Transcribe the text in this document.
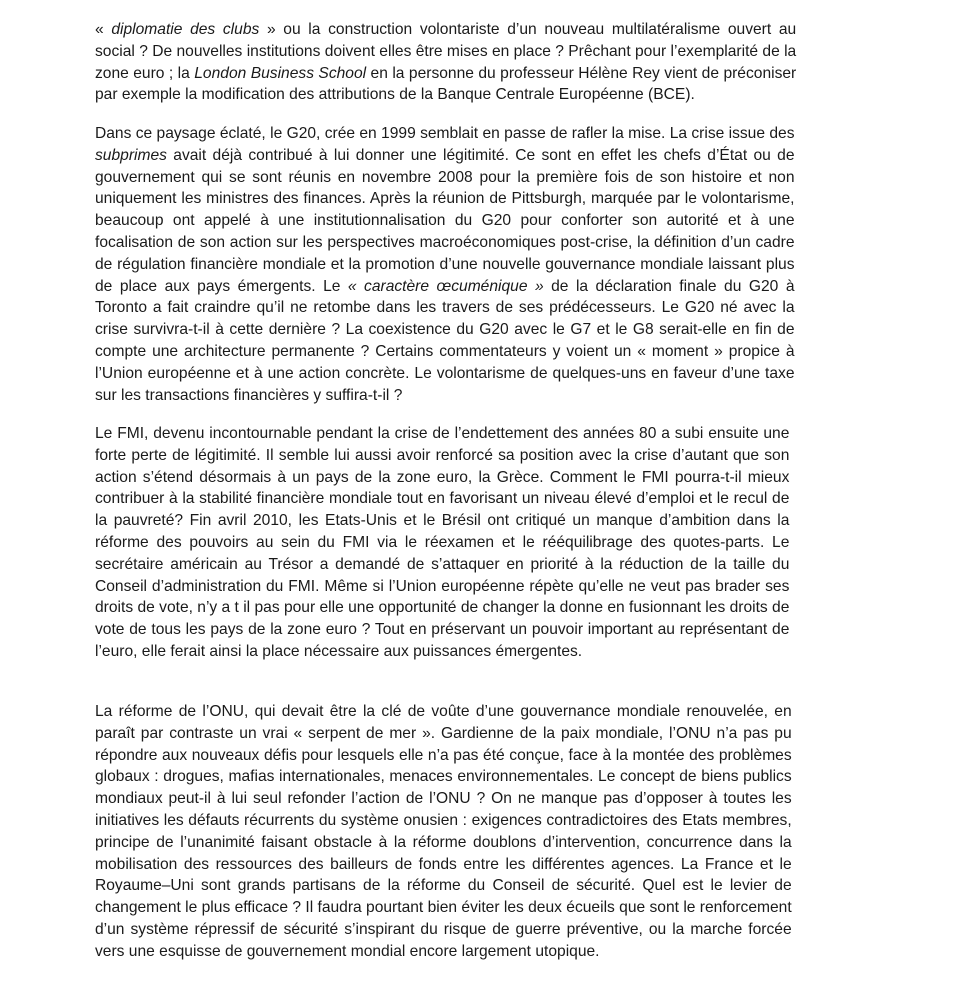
« diplomatie des clubs » ou la construction volontariste d’un nouveau multilatéralisme ouvert au
social ? De nouvelles institutions doivent elles être mises en place ? Prêchant pour l’exemplarité de la
zone euro ; la London Business School en la personne du professeur Hélène Rey vient de préconiser
par exemple la modification des attributions de la Banque Centrale Européenne (BCE).
Dans ce paysage éclaté, le G20, crée en 1999 semblait en passe de rafler la mise. La crise issue des
subprimes avait déjà contribué à lui donner une légitimité. Ce sont en effet les chefs d’État ou de
gouvernement qui se sont réunis en novembre 2008 pour la première fois de son histoire et non
uniquement les ministres des finances. Après la réunion de Pittsburgh, marquée par le volontarisme,
beaucoup ont appelé à une institutionnalisation du G20 pour conforter son autorité et à une
focalisation de son action sur les perspectives macroéconomiques post-crise, la définition d’un cadre
de régulation financière mondiale et la promotion d’une nouvelle gouvernance mondiale laissant plus
de place aux pays émergents. Le « caractère œcuménique » de la déclaration finale du G20 à
Toronto a fait craindre qu’il ne retombe dans les travers de ses prédécesseurs. Le G20 né avec la
crise survivra-t-il à cette dernière ? La coexistence du G20 avec le G7 et le G8 serait-elle en fin de
compte une architecture permanente ? Certains commentateurs y voient un « moment » propice à
l’Union européenne et à une action concrète. Le volontarisme de quelques-uns en faveur d’une taxe
sur les transactions financières y suffira-t-il ?
Le FMI, devenu incontournable pendant la crise de l’endettement des années 80 a subi ensuite une
forte perte de légitimité. Il semble lui aussi avoir renforcé sa position avec la crise d’autant que son
action s’étend désormais à un pays de la zone euro, la Grèce. Comment le FMI pourra-t-il mieux
contribuer à la stabilité financière mondiale tout en favorisant un niveau élevé d’emploi et le recul de
la pauvreté? Fin avril 2010, les Etats-Unis et le Brésil ont critiqué un manque d’ambition dans la
réforme des pouvoirs au sein du FMI via le réexamen et le rééquilibrage des quotes-parts. Le
secrétaire américain au Trésor a demandé de s’attaquer en priorité à la réduction de la taille du
Conseil d’administration du FMI. Même si l’Union européenne répète qu’elle ne veut pas brader ses
droits de vote, n’y a t il pas pour elle une opportunité de changer la donne en fusionnant les droits de
vote de tous les pays de la zone euro ? Tout en préservant un pouvoir important au représentant de
l’euro, elle ferait ainsi la place nécessaire aux puissances émergentes.
La réforme de l’ONU, qui devait être la clé de voûte d’une gouvernance mondiale renouvelée, en
paraît par contraste un vrai « serpent de mer ». Gardienne de la paix mondiale, l’ONU n’a pas pu
répondre aux nouveaux défis pour lesquels elle n’a pas été conçue, face à la montée des problèmes
globaux : drogues, mafias internationales, menaces environnementales. Le concept de biens publics
mondiaux peut-il à lui seul refonder l’action de l’ONU ? On ne manque pas d’opposer à toutes les
initiatives les défauts récurrents du système onusien : exigences contradictoires des Etats membres,
principe de l’unanimité faisant obstacle à la réforme doublons d’intervention, concurrence dans la
mobilisation des ressources des bailleurs de fonds entre les différentes agences. La France et le
Royaume–Uni sont grands partisans de la réforme du Conseil de sécurité. Quel est le levier de
changement le plus efficace ? Il faudra pourtant bien éviter les deux écueils que sont le renforcement
d’un système répressif de sécurité s’inspirant du risque de guerre préventive, ou la marche forcée
vers une esquisse de gouvernement mondial encore largement utopique.
